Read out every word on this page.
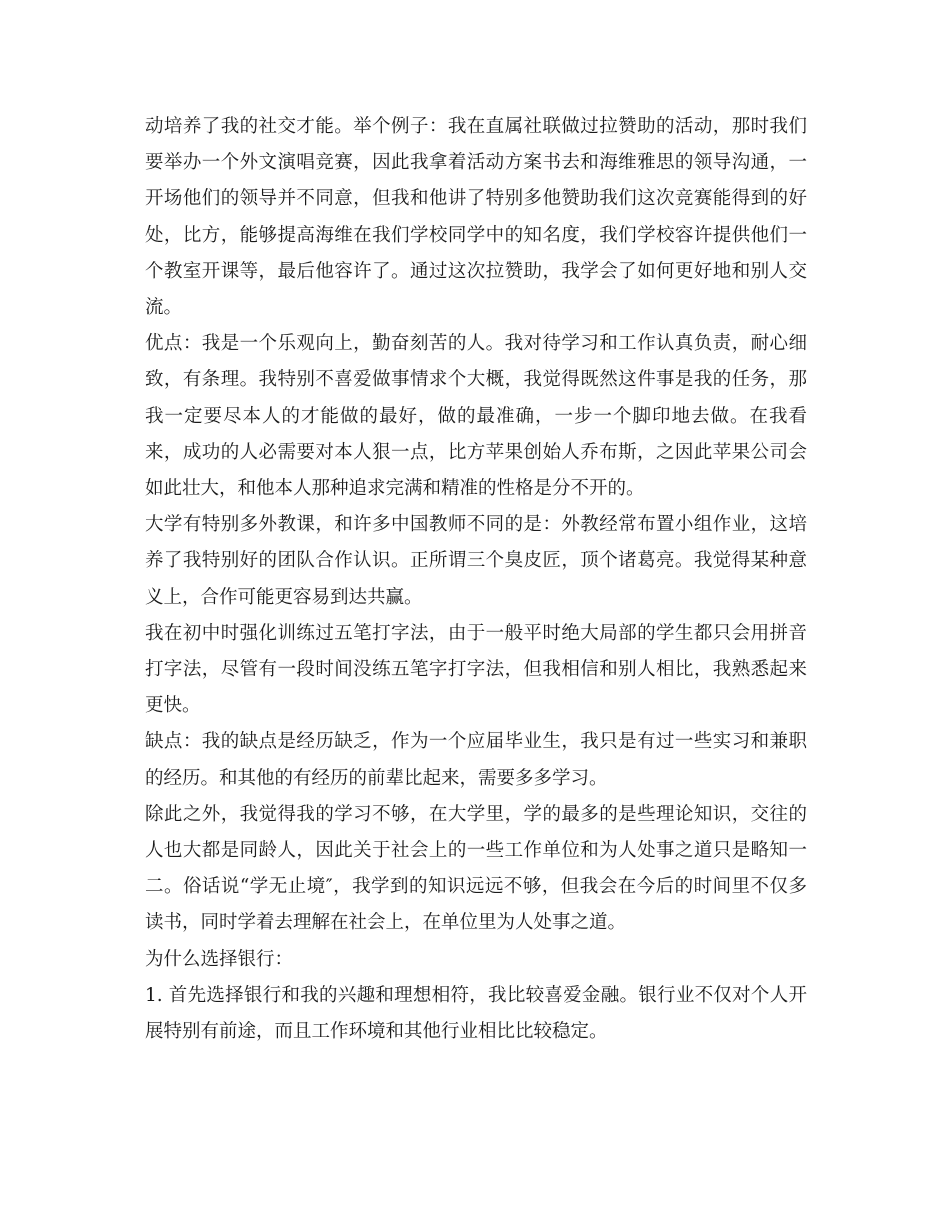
动培养了我的社交才能。举个例子：我在直属社联做过拉赞助的活动，那时我们要举办一个外文演唱竞赛，因此我拿着活动方案书去和海维雅思的领导沟通，一开场他们的领导并不同意，但我和他讲了特别多他赞助我们这次竞赛能得到的好处，比方，能够提高海维在我们学校同学中的知名度，我们学校容许提供他们一个教室开课等，最后他容许了。通过这次拉赞助，我学会了如何更好地和别人交流。

优点：我是一个乐观向上，勤奋刻苦的人。我对待学习和工作认真负责，耐心细致，有条理。我特别不喜爱做事情求个大概，我觉得既然这件事是我的任务，那我一定要尽本人的才能做的最好，做的最准确，一步一个脚印地去做。在我看来，成功的人必需要对本人狠一点，比方苹果创始人乔布斯，之因此苹果公司会如此壮大，和他本人那种追求完满和精准的性格是分不开的。

大学有特别多外教课，和许多中国教师不同的是：外教经常布置小组作业，这培养了我特别好的团队合作认识。正所谓三个臭皮匠，顶个诸葛亮。我觉得某种意义上，合作可能更容易到达共赢。

我在初中时强化训练过五笔打字法，由于一般平时绝大局部的学生都只会用拼音打字法，尽管有一段时间没练五笔字打字法，但我相信和别人相比，我熟悉起来更快。

缺点：我的缺点是经历缺乏，作为一个应届毕业生，我只是有过一些实习和兼职的经历。和其他的有经历的前辈比起来，需要多多学习。

除此之外，我觉得我的学习不够，在大学里，学的最多的是些理论知识，交往的人也大都是同龄人，因此关于社会上的一些工作单位和为人处事之道只是略知一二。俗话说“学无止境″，我学到的知识远远不够，但我会在今后的时间里不仅多读书，同时学着去理解在社会上，在单位里为人处事之道。

为什么选择银行：

1. 首先选择银行和我的兴趣和理想相符，我比较喜爱金融。银行业不仅对个人开展特别有前途，而且工作环境和其他行业相比比较稳定。
